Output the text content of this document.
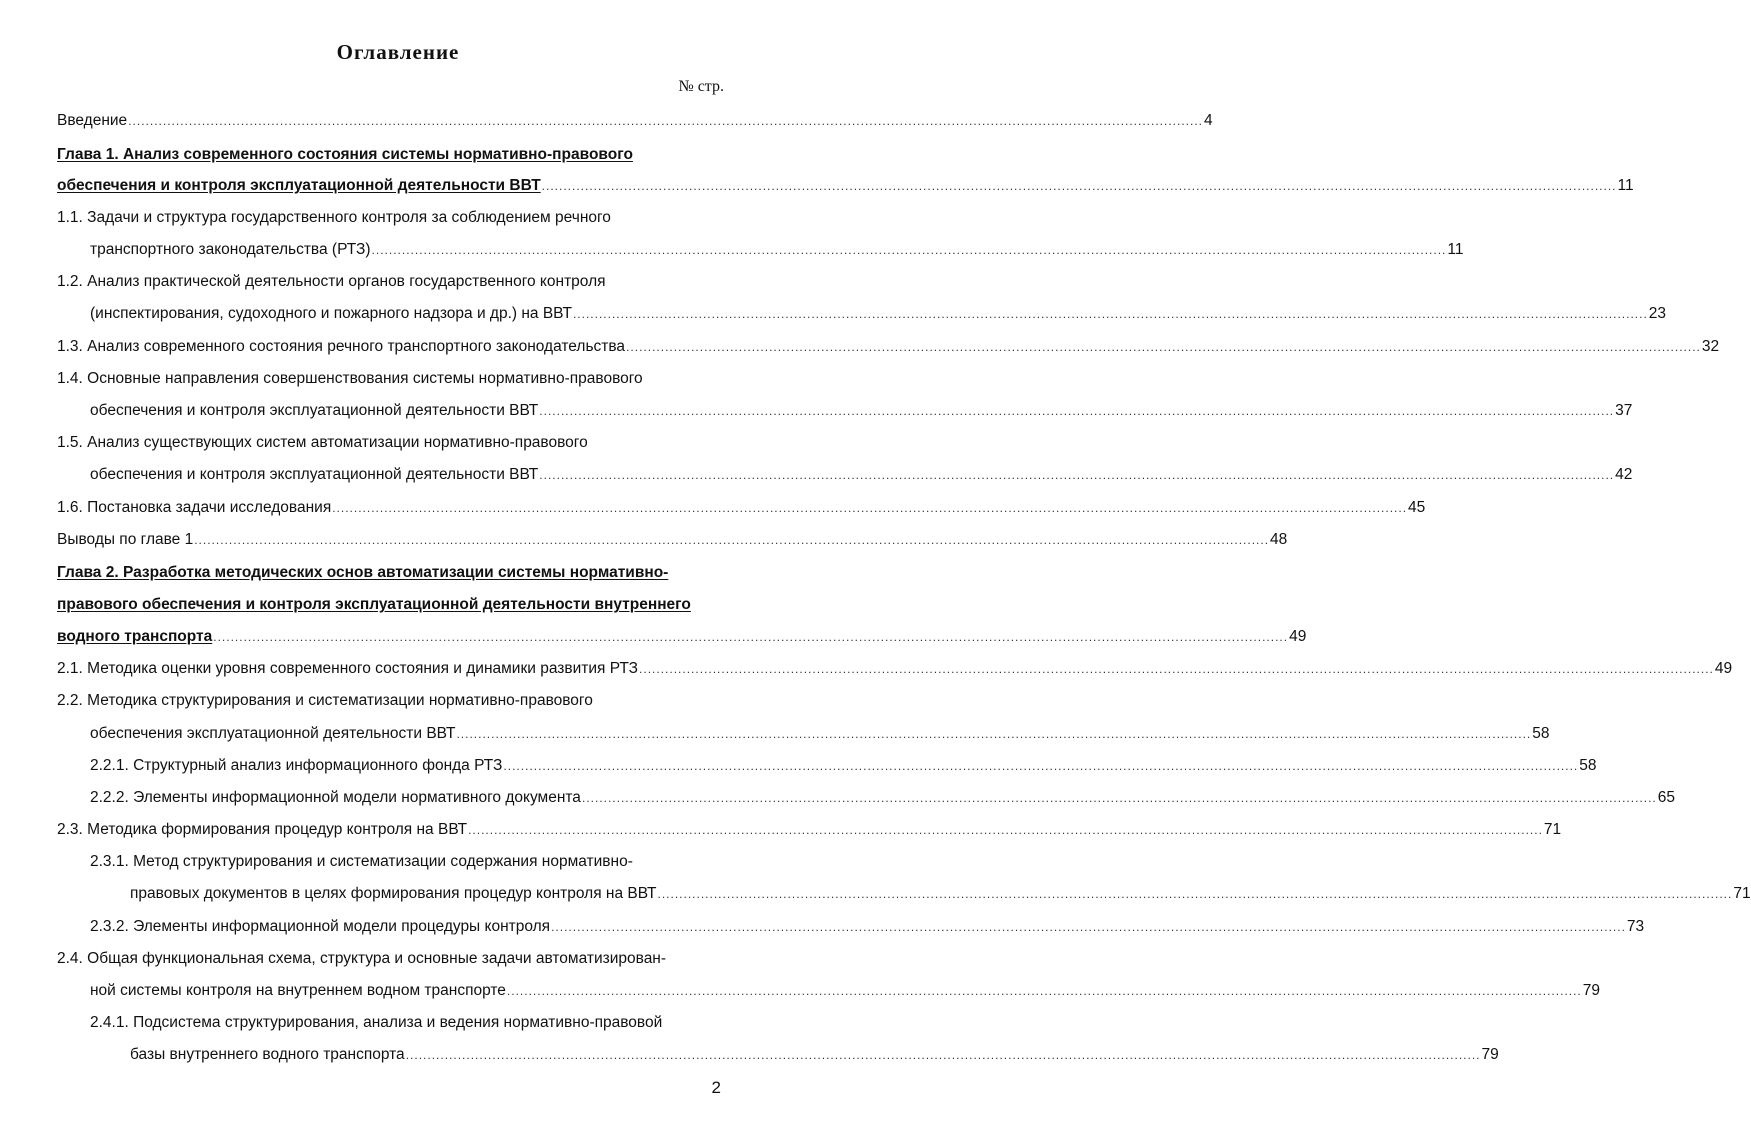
Оглавление
№ стр.
Введение .....	4
Глава 1. Анализ современного состояния системы нормативно-правового
обеспечения и контроля эксплуатационной деятельности ВВТ .....	11
1.1. Задачи и структура государственного контроля за соблюдением речного
транспортного законодательства (РТЗ) .....	11
1.2. Анализ практической деятельности органов государственного контроля
(инспектирования, судоходного и пожарного надзора и др.) на ВВТ .....	23
1.3. Анализ современного состояния речного транспортного законодательства .....	32
1.4. Основные направления совершенствования системы нормативно-правового
обеспечения и контроля эксплуатационной деятельности ВВТ .....	37
1.5. Анализ существующих систем автоматизации нормативно-правового
обеспечения и контроля эксплуатационной деятельности ВВТ .....	42
1.6. Постановка задачи исследования .....	45
Выводы по главе 1 .....	48
Глава 2. Разработка методических основ автоматизации системы нормативно-
правового обеспечения и контроля эксплуатационной деятельности внутреннего
водного транспорта .....	49
2.1. Методика оценки уровня современного состояния и динамики развития РТЗ .....	49
2.2. Методика структурирования и систематизации нормативно-правового
обеспечения эксплуатационной деятельности ВВТ .....	58
2.2.1. Структурный анализ информационного фонда РТЗ .....	58
2.2.2. Элементы информационной модели нормативного документа .....	65
2.3. Методика формирования процедур контроля на ВВТ .....	71
2.3.1. Метод структурирования и систематизации содержания нормативно-
правовых документов в целях формирования процедур контроля на ВВТ .....	71
2.3.2. Элементы информационной модели процедуры контроля .....	73
2.4. Общая функциональная схема, структура и основные задачи автоматизирован-
ной системы контроля на внутреннем водном транспорте .....	79
2.4.1. Подсистема структурирования, анализа и ведения нормативно-правовой
базы внутреннего водного транспорта .....	79
2
